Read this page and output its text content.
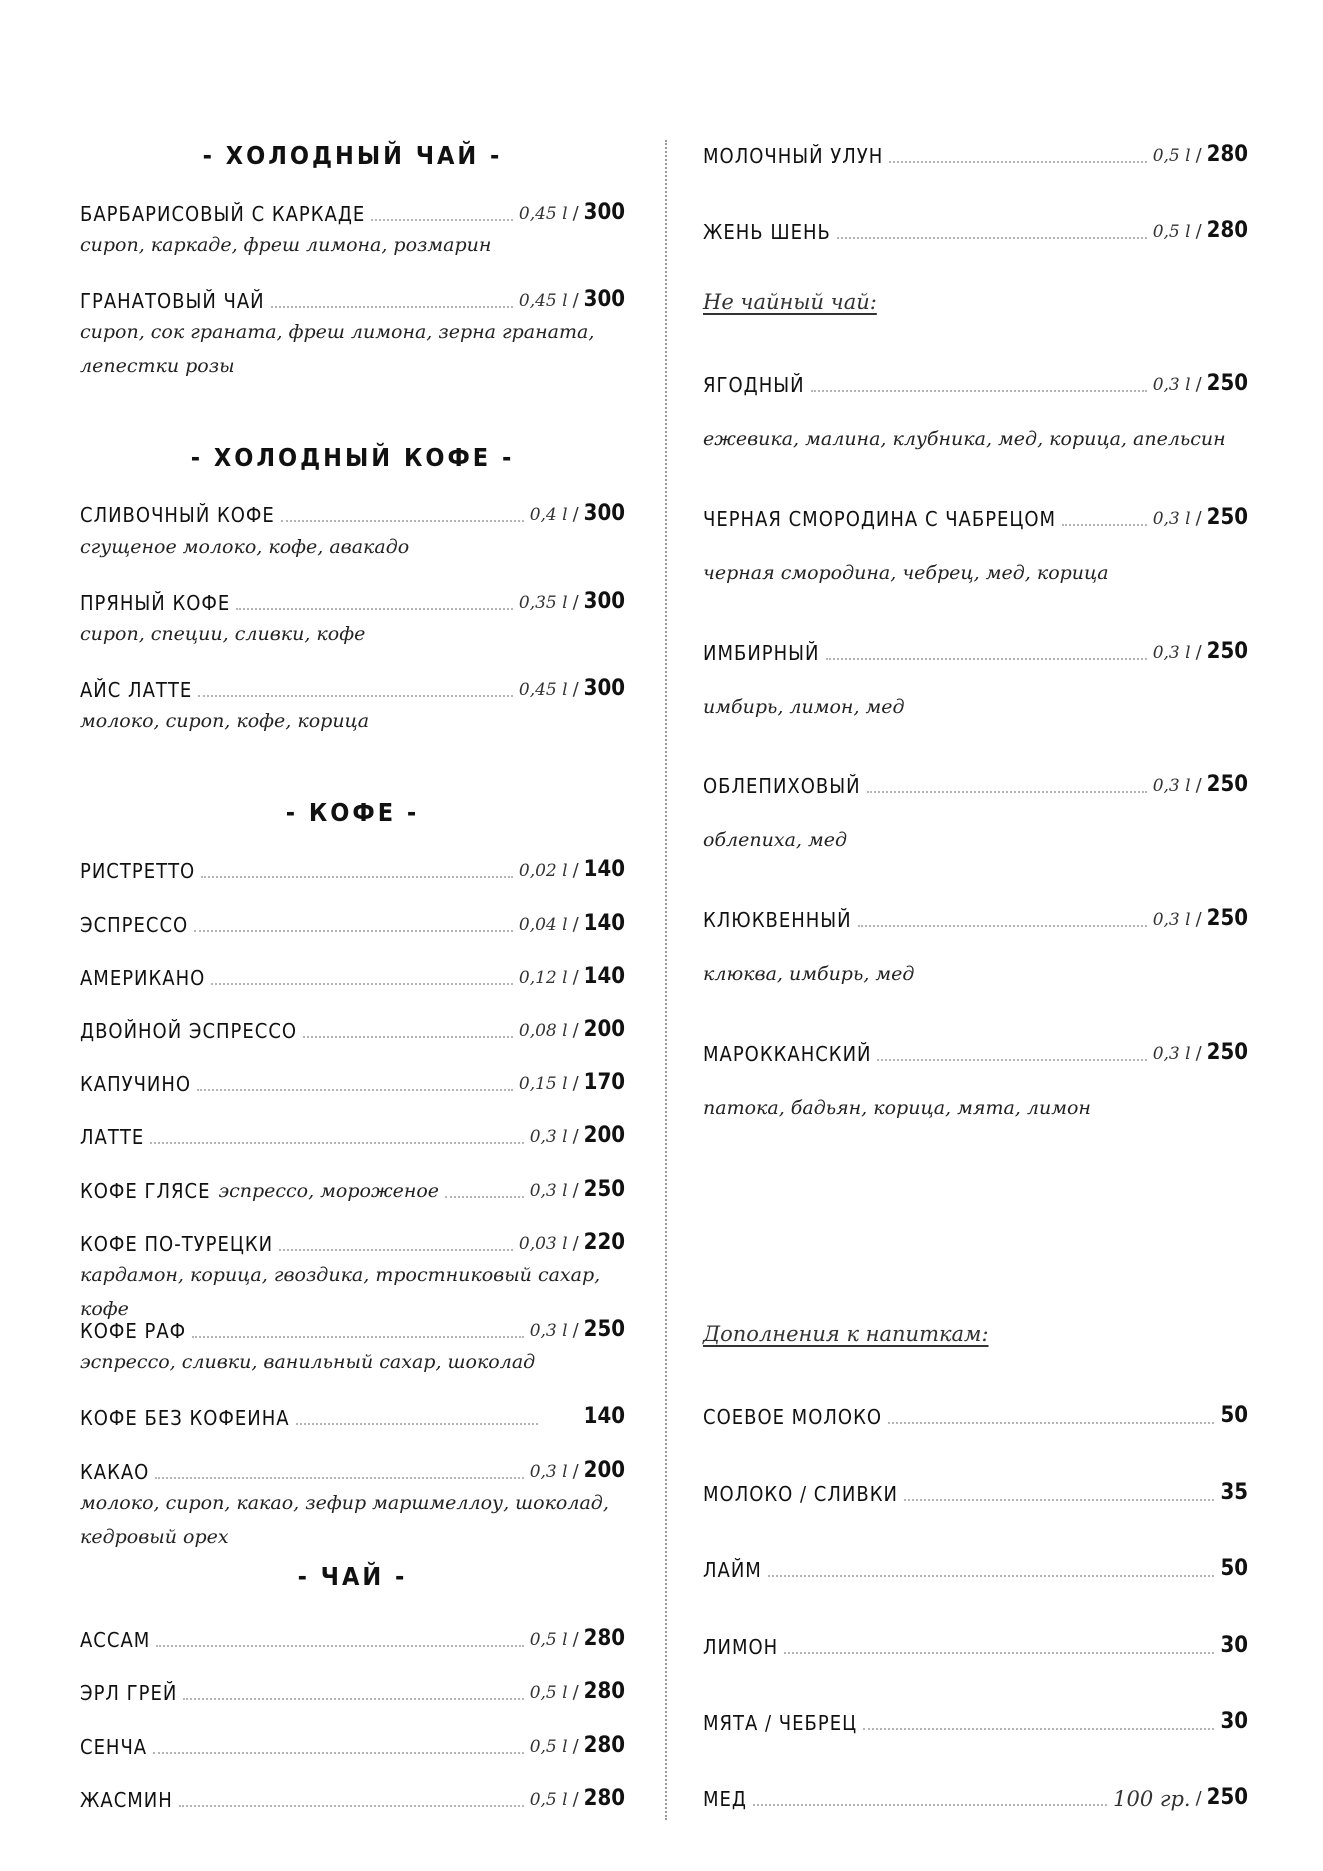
- ХОЛОДНЫЙ ЧАЙ -
БАРБАРИСОВЫЙ С КАРКАДЕ	0,45 l / 300
сироп, каркаде, фреш лимона, розмарин
ГРАНАТОВЫЙ ЧАЙ	0,45 l / 300
сироп, сок граната, фреш лимона, зерна граната,
лепестки розы
- ХОЛОДНЫЙ КОФЕ -
СЛИВОЧНЫЙ КОФЕ	0,4 l / 300
сгущеное молоко, кофе, авакадо
ПРЯНЫЙ КОФЕ	0,35 l / 300
сироп, специи, сливки, кофе
АЙС ЛАТТЕ	0,45 l / 300
молоко, сироп, кофе, корица
- КОФЕ -
РИСТРЕТТО	0,02 l / 140
ЭСПРЕССО	0,04 l / 140
АМЕРИКАНО	0,12 l / 140
ДВОЙНОЙ ЭСПРЕССО	0,08 l / 200
КАПУЧИНО	0,15 l / 170
ЛАТТЕ	0,3 l / 200
КОФЕ ГЛЯСЕ эспрессо, мороженое	0,3 l / 250
КОФЕ ПО-ТУРЕЦКИ	0,03 l / 220
кардамон, корица, гвоздика, тростниковый сахар, кофе
КОФЕ РАФ	0,3 l / 250
эспрессо, сливки, ванильный сахар, шоколад
КОФЕ БЕЗ КОФЕИНА	140
КАКАО	0,3 l / 200
молоко, сироп, какао, зефир маршмеллоу, шоколад,
кедровый орех
- ЧАЙ -
АССАМ	0,5 l / 280
ЭРЛ ГРЕЙ	0,5 l / 280
СЕНЧА	0,5 l / 280
ЖАСМИН	0,5 l / 280
МОЛОЧНЫЙ УЛУН	0,5 l / 280
ЖЕНЬ ШЕНЬ	0,5 l / 280
Не чайный чай:
ЯГОДНЫЙ	0,3 l / 250
ежевика, малина, клубника, мед, корица, апельсин
ЧЕРНАЯ СМОРОДИНА С ЧАБРЕЦОМ	0,3 l / 250
черная смородина, чебрец, мед, корица
ИМБИРНЫЙ	0,3 l / 250
имбирь, лимон, мед
ОБЛЕПИХОВЫЙ	0,3 l / 250
облепиха, мед
КЛЮКВЕННЫЙ	0,3 l / 250
клюква, имбирь, мед
МАРОККАНСКИЙ	0,3 l / 250
патока, бадьян, корица, мята, лимон
Дополнения к напиткам:
СОЕВОЕ МОЛОКО	50
МОЛОКО / СЛИВКИ	35
ЛАЙМ	50
ЛИМОН	30
МЯТА / ЧЕБРЕЦ	30
МЕД	100 гр. / 250
